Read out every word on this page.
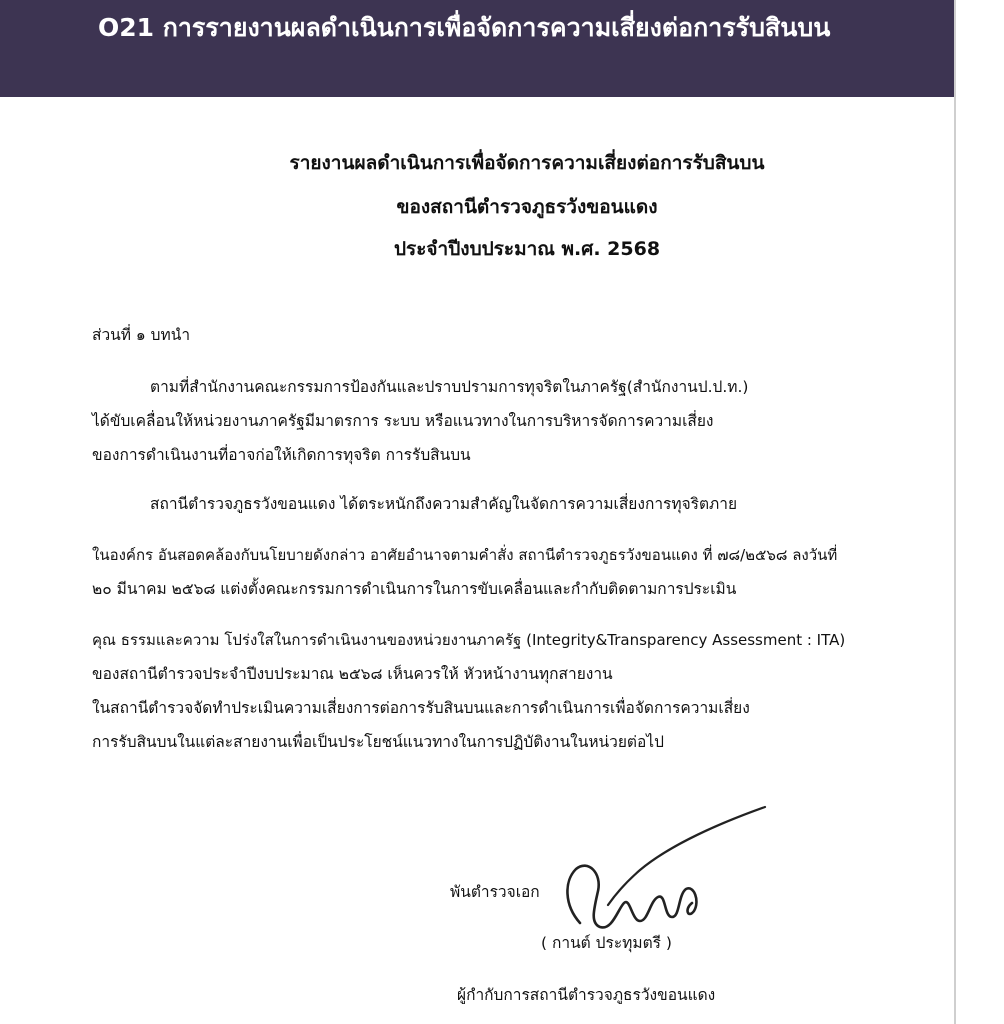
O21 การรายงานผลดำเนินการเพื่อจัดการความเสี่ยงต่อการรับสินบน
รายงานผลดำเนินการเพื่อจัดการความเสี่ยงต่อการรับสินบน
ของสถานีตำรวจภูธรวังขอนแดง
ประจำปีงบประมาณ พ.ศ. 2568
ส่วนที่ ๑ บทนำ
ตามที่สำนักงานคณะกรรมการป้องกันและปราบปรามการทุจริตในภาครัฐ(สำนักงานป.ป.ท.)
ได้ขับเคลื่อนให้หน่วยงานภาครัฐมีมาตรการ ระบบ หรือแนวทางในการบริหารจัดการความเสี่ยง
ของการดำเนินงานที่อาจก่อให้เกิดการทุจริต การรับสินบน
สถานีตำรวจภูธรวังขอนแดง ได้ตระหนักถึงความสำคัญในจัดการความเสี่ยงการทุจริตภาย
ในองค์กร อันสอดคล้องกับนโยบายดังกล่าว อาศัยอำนาจตามคำสั่ง สถานีตำรวจภูธรวังขอนแดง ที่ ๗๘/๒๕๖๘ ลงวันที่
๒๐ มีนาคม ๒๕๖๘ แต่งตั้งคณะกรรมการดำเนินการในการขับเคลื่อนและกำกับติดตามการประเมิน
คุณ ธรรมและความ โปร่งใสในการดำเนินงานของหน่วยงานภาครัฐ (Integrity&Transparency Assessment : ITA)
ของสถานีตำรวจประจำปีงบประมาณ ๒๕๖๘ เห็นควรให้ หัวหน้างานทุกสายงาน
ในสถานีตำรวจจัดทำประเมินความเสี่ยงการต่อการรับสินบนและการดำเนินการเพื่อจัดการความเสี่ยง
การรับสินบนในแต่ละสายงานเพื่อเป็นประโยชน์แนวทางในการปฏิบัติงานในหน่วยต่อไป
พันตำรวจเอก
( กานต์ ประทุมตรี )
ผู้กำกับการสถานีตำรวจภูธรวังขอนแดง
